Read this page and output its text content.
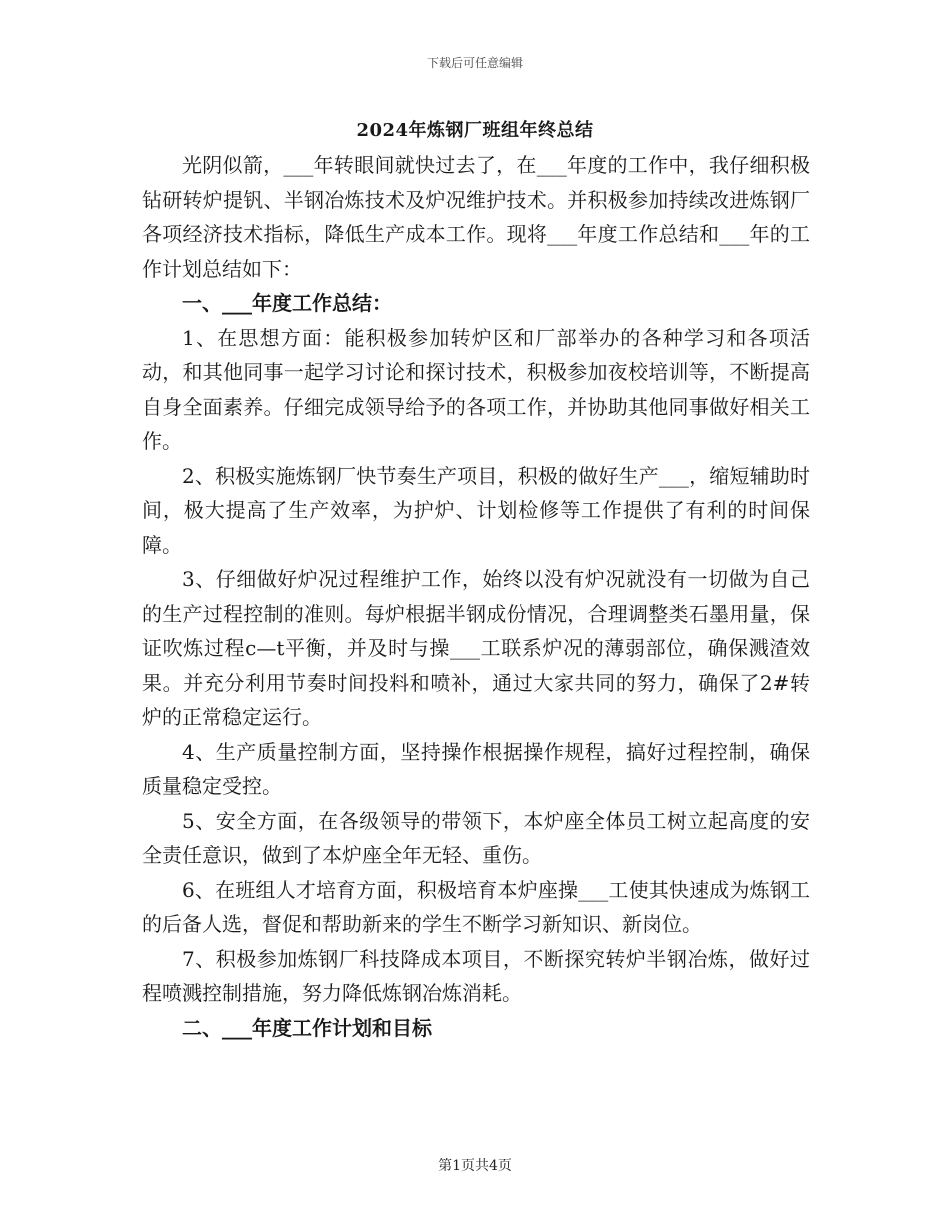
下载后可任意编辑
2024年炼钢厂班组年终总结

光阴似箭，___年转眼间就快过去了，在___年度的工作中，我仔细积极钻研转炉提钒、半钢冶炼技术及炉况维护技术。并积极参加持续改进炼钢厂各项经济技术指标，降低生产成本工作。现将___年度工作总结和___年的工作计划总结如下：

一、___年度工作总结：

1、在思想方面：能积极参加转炉区和厂部举办的各种学习和各项活动，和其他同事一起学习讨论和探讨技术，积极参加夜校培训等，不断提高自身全面素养。仔细完成领导给予的各项工作，并协助其他同事做好相关工作。

2、积极实施炼钢厂快节奏生产项目，积极的做好生产___，缩短辅助时间，极大提高了生产效率，为护炉、计划检修等工作提供了有利的时间保障。

3、仔细做好炉况过程维护工作，始终以没有炉况就没有一切做为自己的生产过程控制的准则。每炉根据半钢成份情况，合理调整类石墨用量，保证吹炼过程c—t平衡，并及时与操___工联系炉况的薄弱部位，确保溅渣效果。并充分利用节奏时间投料和喷补，通过大家共同的努力，确保了2#转炉的正常稳定运行。

4、生产质量控制方面，坚持操作根据操作规程，搞好过程控制，确保质量稳定受控。

5、安全方面，在各级领导的带领下，本炉座全体员工树立起高度的安全责任意识，做到了本炉座全年无轻、重伤。

6、在班组人才培育方面，积极培育本炉座操___工使其快速成为炼钢工的后备人选，督促和帮助新来的学生不断学习新知识、新岗位。

7、积极参加炼钢厂科技降成本项目，不断探究转炉半钢冶炼，做好过程喷溅控制措施，努力降低炼钢冶炼消耗。

二、___年度工作计划和目标

第1页共4页
